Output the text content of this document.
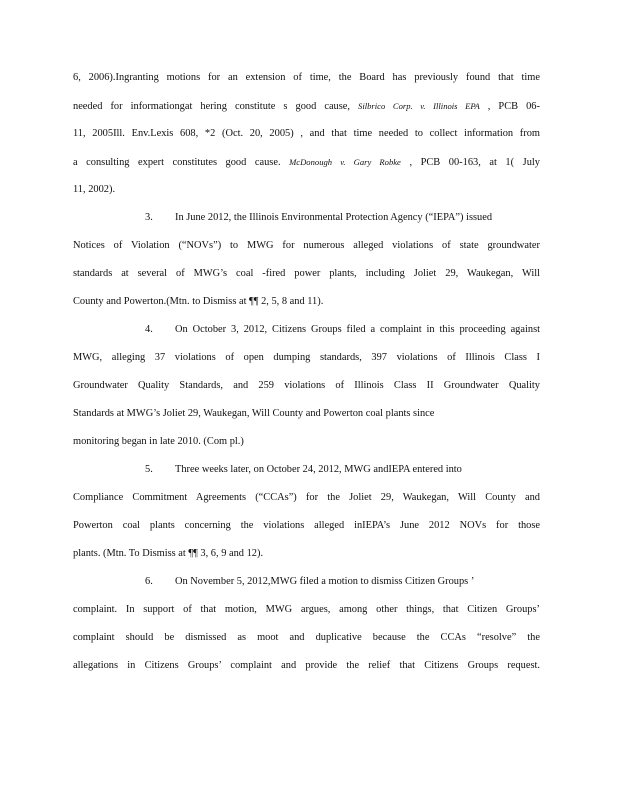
6, 2006).Ingranting motions for an extension of time, the Board has previously found that time
needed for informationgat hering constitute s good cause, Silbrico Corp. v. Illinois EPA , PCB 06-
11, 2005Ill. Env.Lexis 608, *2 (Oct. 20, 2005) , and that time needed to collect information from
a consulting expert constitutes good cause. McDonough v. Gary Robke , PCB 00-163, at 1( July
11, 2002).
3. In June 2012, the Illinois Environmental Protection Agency (“IEPA”) issued
Notices of Violation (“NOVs”) to MWG for numerous alleged violations of state groundwater
standards at several of MWG’s coal -fired power plants, including Joliet 29, Waukegan, Will
County and Powerton.(Mtn. to Dismiss at ¶¶ 2, 5, 8 and 11).
4. On October 3, 2012, Citizens Groups filed a complaint in this proceeding against
MWG, alleging 37 violations of open dumping standards, 397 violations of Illinois Class I
Groundwater Quality Standards, and 259 violations of Illinois Class II Groundwater Quality
Standards at MWG’s Joliet 29, Waukegan, Will County and Powerton coal plants since
monitoring began in late 2010. (Com pl.)
5. Three weeks later, on October 24, 2012, MWG andIEPA entered into
Compliance Commitment Agreements (“CCAs”) for the Joliet 29, Waukegan, Will County and
Powerton coal plants concerning the violations alleged inIEPA’s June 2012 NOVs for those
plants. (Mtn. To Dismiss at ¶¶ 3, 6, 9 and 12).
6. On November 5, 2012,MWG filed a motion to dismiss Citizen Groups ’
complaint. In support of that motion, MWG argues, among other things, that Citizen Groups’
complaint should be dismissed as moot and duplicative because the CCAs “resolve” the
allegations in Citizens Groups’ complaint and provide the relief that Citizens Groups request.
